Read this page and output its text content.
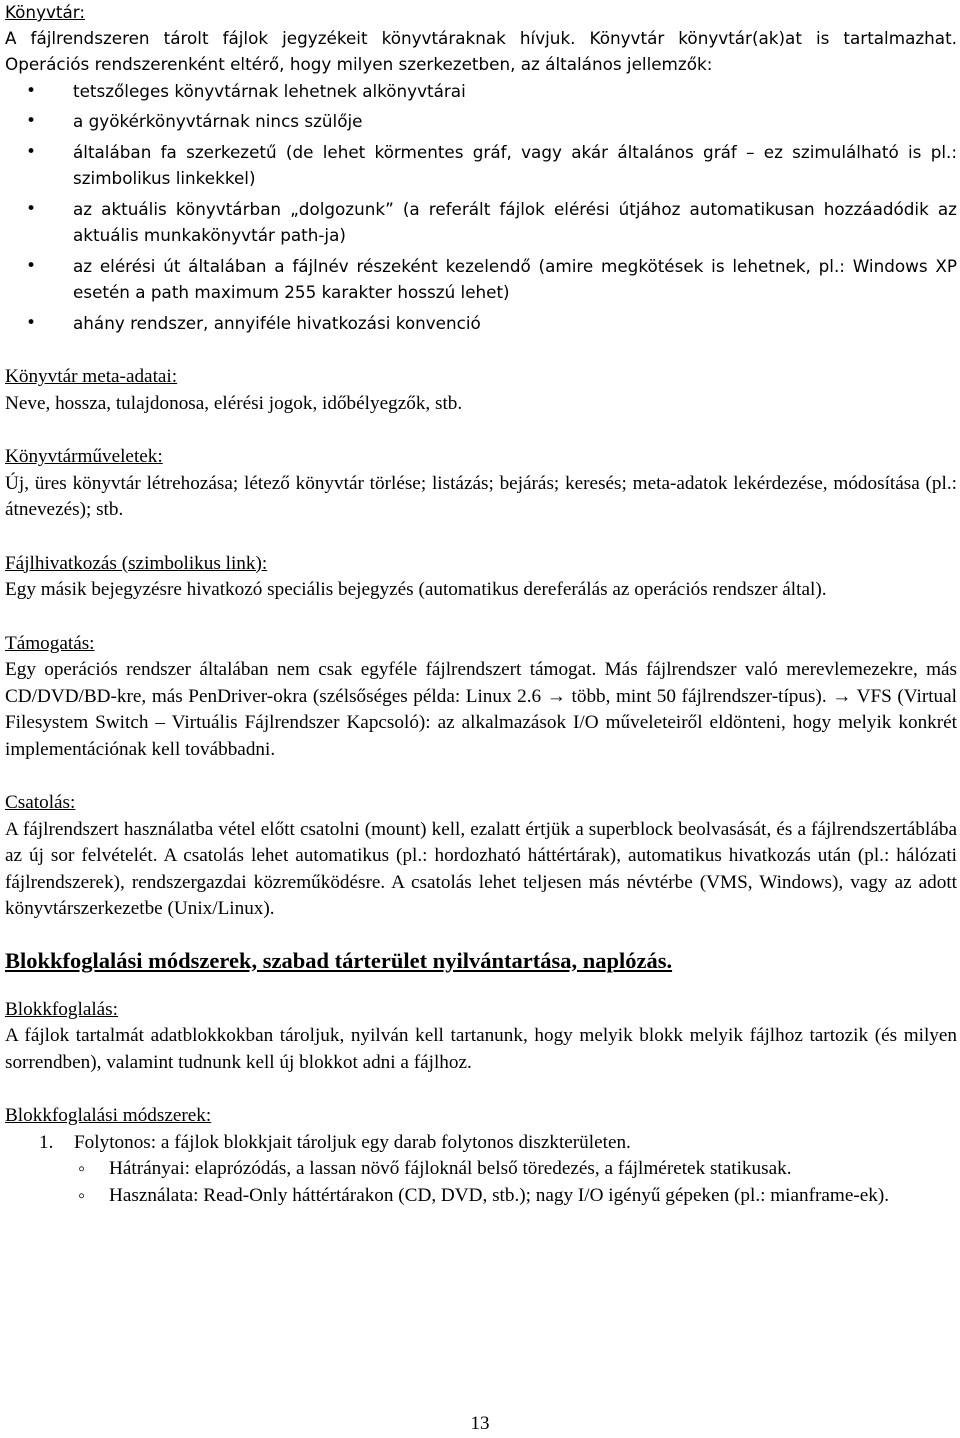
Könyvtár:

A fájlrendszeren tárolt fájlok jegyzékeit könyvtáraknak hívjuk. Könyvtár könyvtár(ak)at is tartalmazhat. Operációs rendszerenként eltérő, hogy milyen szerkezetben, az általános jellemzők:

• tetszőleges könyvtárnak lehetnek alkönyvtárai
• a gyökérkönyvtárnak nincs szülője
• általában fa szerkezetű (de lehet körmentes gráf, vagy akár általános gráf – ez szimulálható is pl.: szimbolikus linkekkel)
• az aktuális könyvtárban „dolgozunk” (a referált fájlok elérési útjához automatikusan hozzáadódik az aktuális munkakönyvtár path-ja)
• az elérési út általában a fájlnév részeként kezelendő (amire megkötések is lehetnek, pl.: Windows XP esetén a path maximum 255 karakter hosszú lehet)
• ahány rendszer, annyiféle hivatkozási konvenció

Könyvtár meta-adatai:

Neve, hossza, tulajdonosa, elérési jogok, időbélyegzők, stb.

Könyvtárműveletek:

Új, üres könyvtár létrehozása; létező könyvtár törlése; listázás; bejárás; keresés; meta-adatok lekérdezése, módosítása (pl.: átnevezés); stb.

Fájlhivatkozás (szimbolikus link):

Egy másik bejegyzésre hivatkozó speciális bejegyzés (automatikus dereferálás az operációs rendszer által).

Támogatás:

Egy operációs rendszer általában nem csak egyféle fájlrendszert támogat. Más fájlrendszer való merevlemezekre, más CD/DVD/BD-kre, más PenDriver-okra (szélsőséges példa: Linux 2.6 → több, mint 50 fájlrendszer-típus). → VFS (Virtual Filesystem Switch – Virtuális Fájlrendszer Kapcsoló): az alkalmazások I/O műveleteiről eldönteni, hogy melyik konkrét implementációnak kell továbbadni.

Csatolás:

A fájlrendszert használatba vétel előtt csatolni (mount) kell, ezalatt értjük a superblock beolvasását, és a fájlrendszertáblába az új sor felvételét. A csatolás lehet automatikus (pl.: hordozható háttértárak), automatikus hivatkozás után (pl.: hálózati fájlrendszerek), rendszergazdai közreműködésre. A csatolás lehet teljesen más névtérbe (VMS, Windows), vagy az adott könyvtárszerkezetbe (Unix/Linux).

Blokkfoglalási módszerek, szabad tárterület nyilvántartása, naplózás.

Blokkfoglalás:

A fájlok tartalmát adatblokkokban tároljuk, nyilván kell tartanunk, hogy melyik blokk melyik fájlhoz tartozik (és milyen sorrendben), valamint tudnunk kell új blokkot adni a fájlhoz.

Blokkfoglalási módszerek:

1. Folytonos: a fájlok blokkjait tároljuk egy darab folytonos diszkterületen.
◦ Hátrányai: elaprózódás, a lassan növő fájloknál belső töredezés, a fájlméretek statikusak.
◦ Használata: Read-Only háttértárakon (CD, DVD, stb.); nagy I/O igényű gépeken (pl.: mianframe-ek).
13
